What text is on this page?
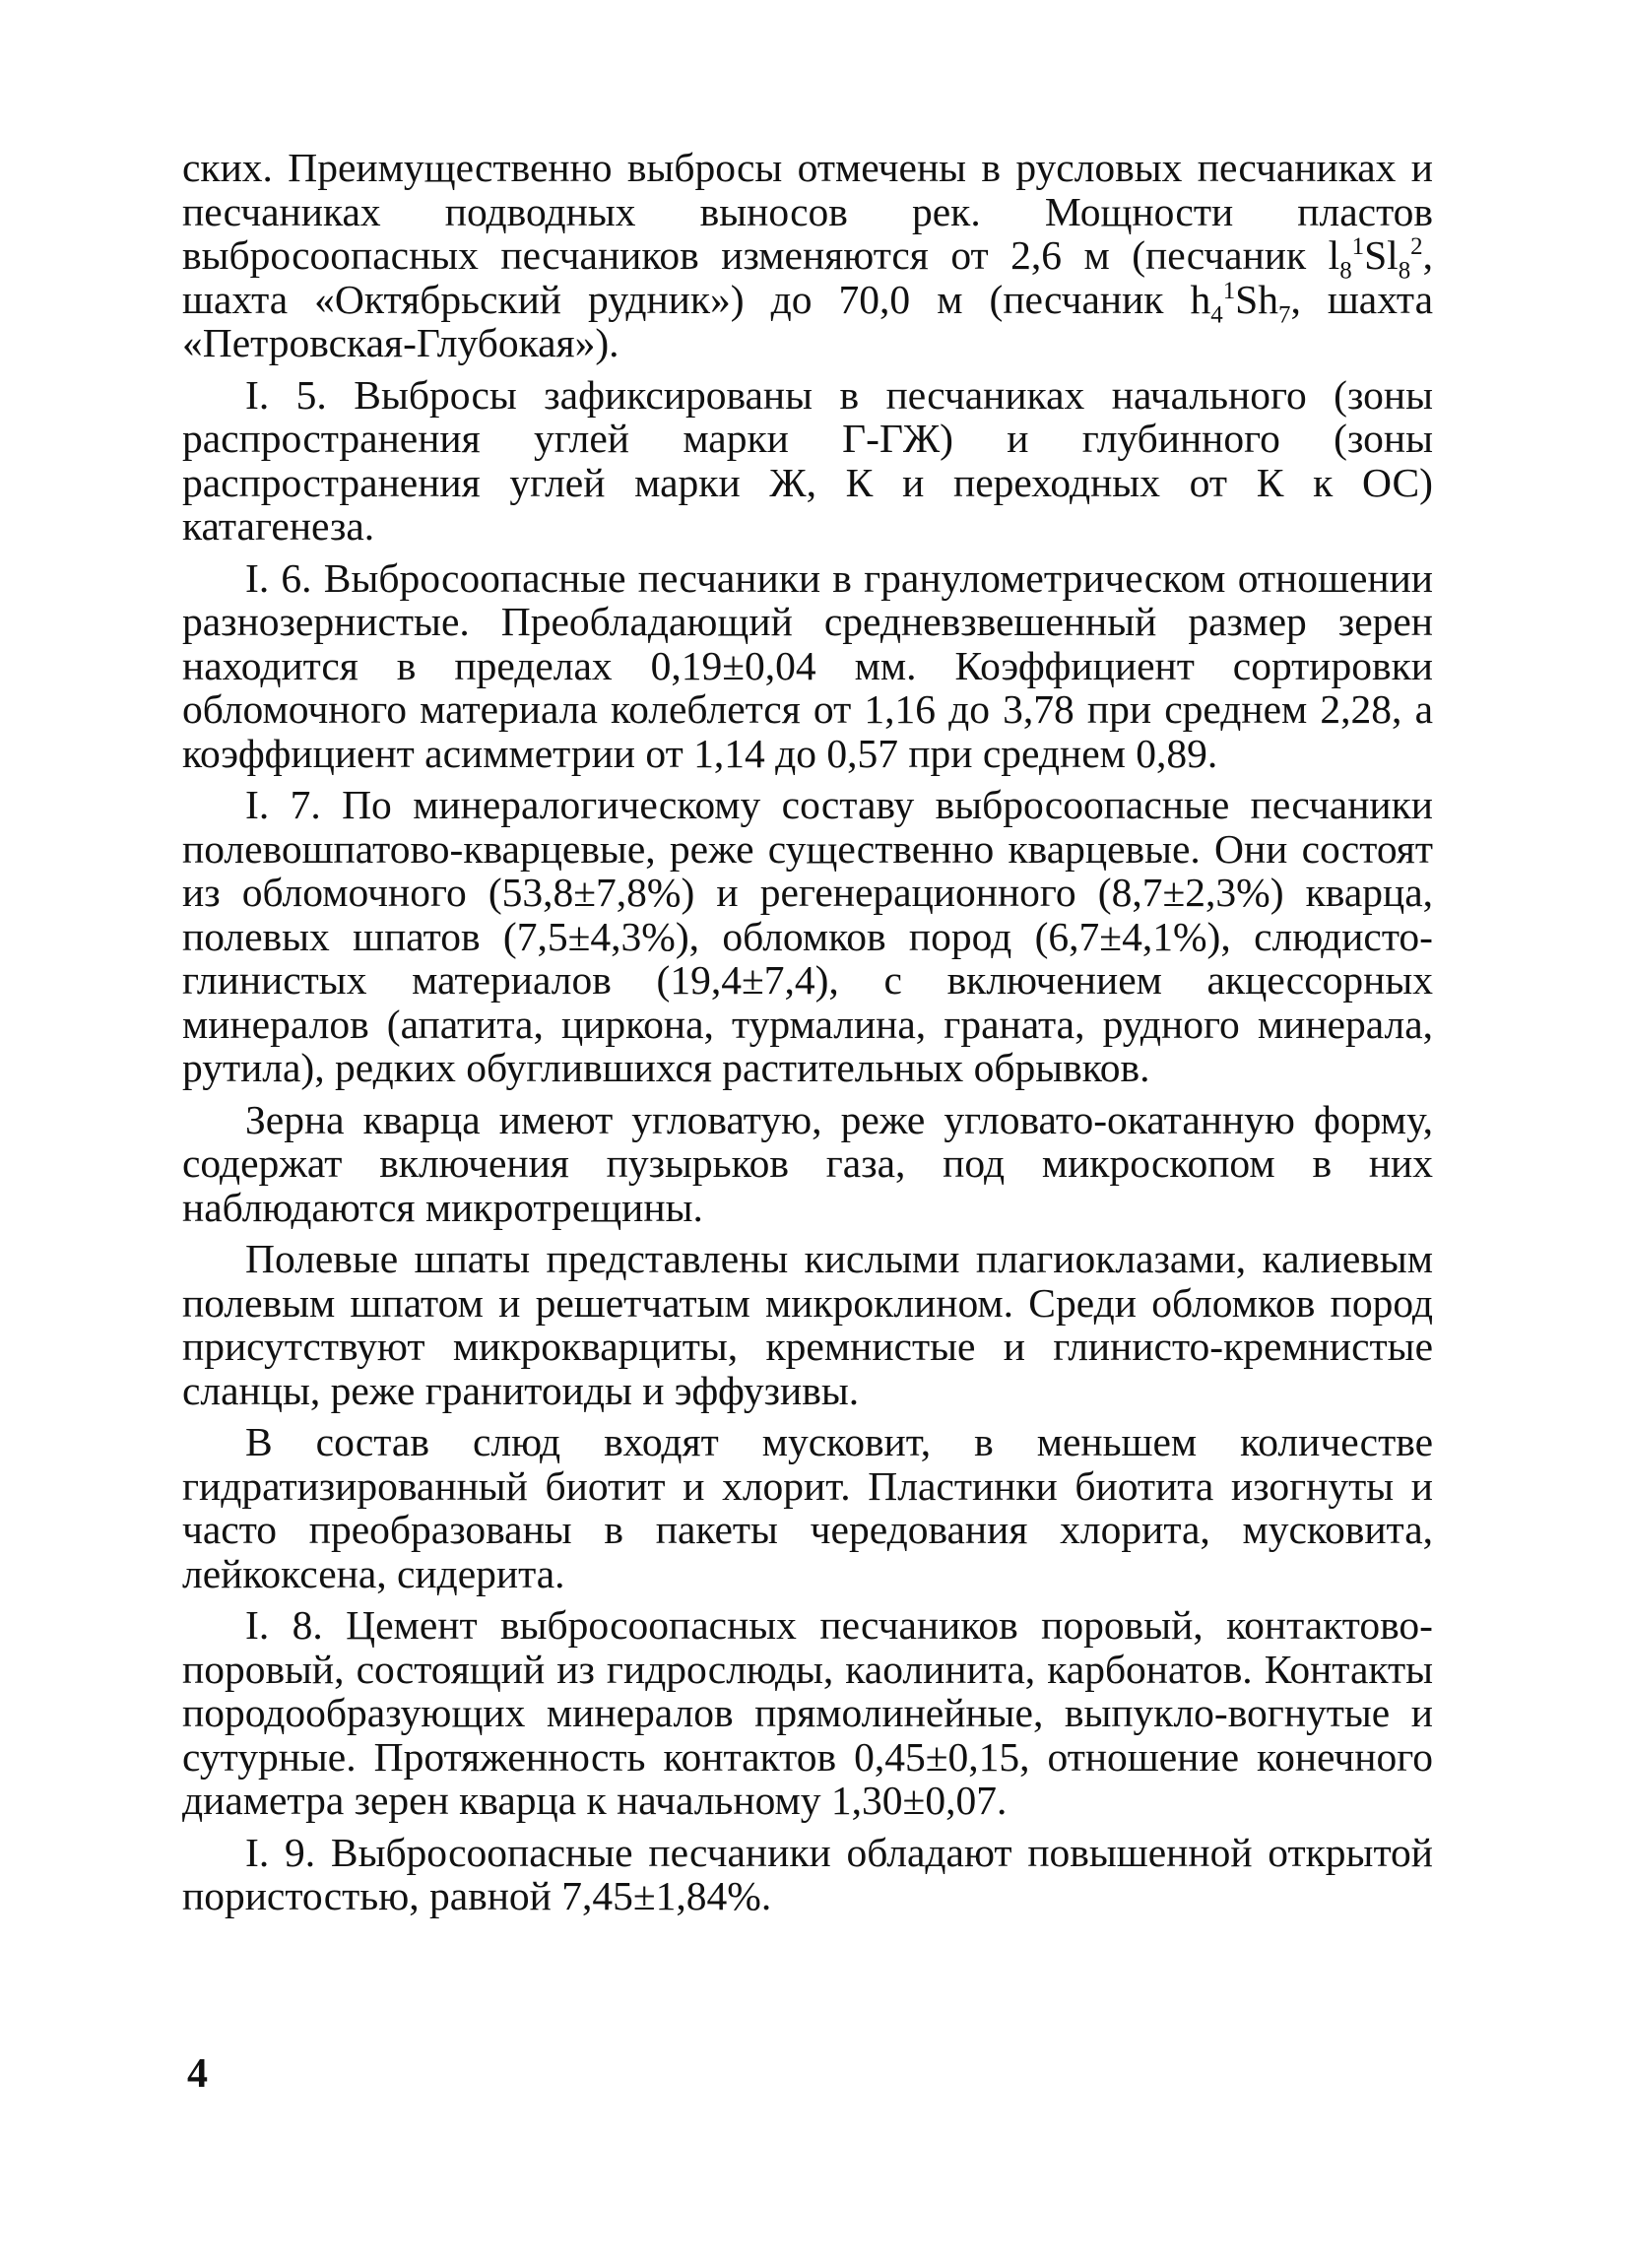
ских. Преимущественно выбросы отмечены в русловых песчаниках и песчаниках подводных выносов рек. Мощности пластов выбросоопасных песчаников изменяются от 2,6 м (песчаник $l_8^1Sl_8^2$, шахта «Октябрьский рудник») до 70,0 м (песчаник $h_4^1Sh_7$, шахта «Петровская-Глубокая»).

I. 5. Выбросы зафиксированы в песчаниках начального (зоны распространения углей марки Г-ГЖ) и глубинного (зоны распространения углей марки Ж, К и переходных от К к ОС) катагенеза.

I. 6. Выбросоопасные песчаники в гранулометрическом отношении разнозернистые. Преобладающий средневзвешенный размер зерен находится в пределах 0,19±0,04 мм. Коэффициент сортировки обломочного материала колеблется от 1,16 до 3,78 при среднем 2,28, а коэффициент асимметрии от 1,14 до 0,57 при среднем 0,89.

I. 7. По минералогическому составу выбросоопасные песчаники полевошпатово-кварцевые, реже существенно кварцевые. Они состоят из обломочного (53,8±7,8%) и регенерационного (8,7±2,3%) кварца, полевых шпатов (7,5±4,3%), обломков пород (6,7±4,1%), слюдисто-глинистых материалов (19,4±7,4), с включением акцессорных минералов (апатита, циркона, турмалина, граната, рудного минерала, рутила), редких обуглившихся растительных обрывков.

Зерна кварца имеют угловатую, реже угловато-окатанную форму, содержат включения пузырьков газа, под микроскопом в них наблюдаются микротрещины.

Полевые шпаты представлены кислыми плагиоклазами, калиевым полевым шпатом и решетчатым микроклином. Среди обломков пород присутствуют микрокварциты, кремнистые и глинисто-кремнистые сланцы, реже гранитоиды и эффузивы.

В состав слюд входят мусковит, в меньшем количестве гидратизированный биотит и хлорит. Пластинки биотита изогнуты и часто преобразованы в пакеты чередования хлорита, мусковита, лейкоксена, сидерита.

I. 8. Цемент выбросоопасных песчаников поровый, контактово-поровый, состоящий из гидрослюды, каолинита, карбонатов. Контакты породообразующих минералов прямолинейные, выпукло-вогнутые и сутурные. Протяженность контактов 0,45±0,15, отношение конечного диаметра зерен кварца к начальному 1,30±0,07.

I. 9. Выбросоопасные песчаники обладают повышенной открытой пористостью, равной 7,45±1,84%.

4
